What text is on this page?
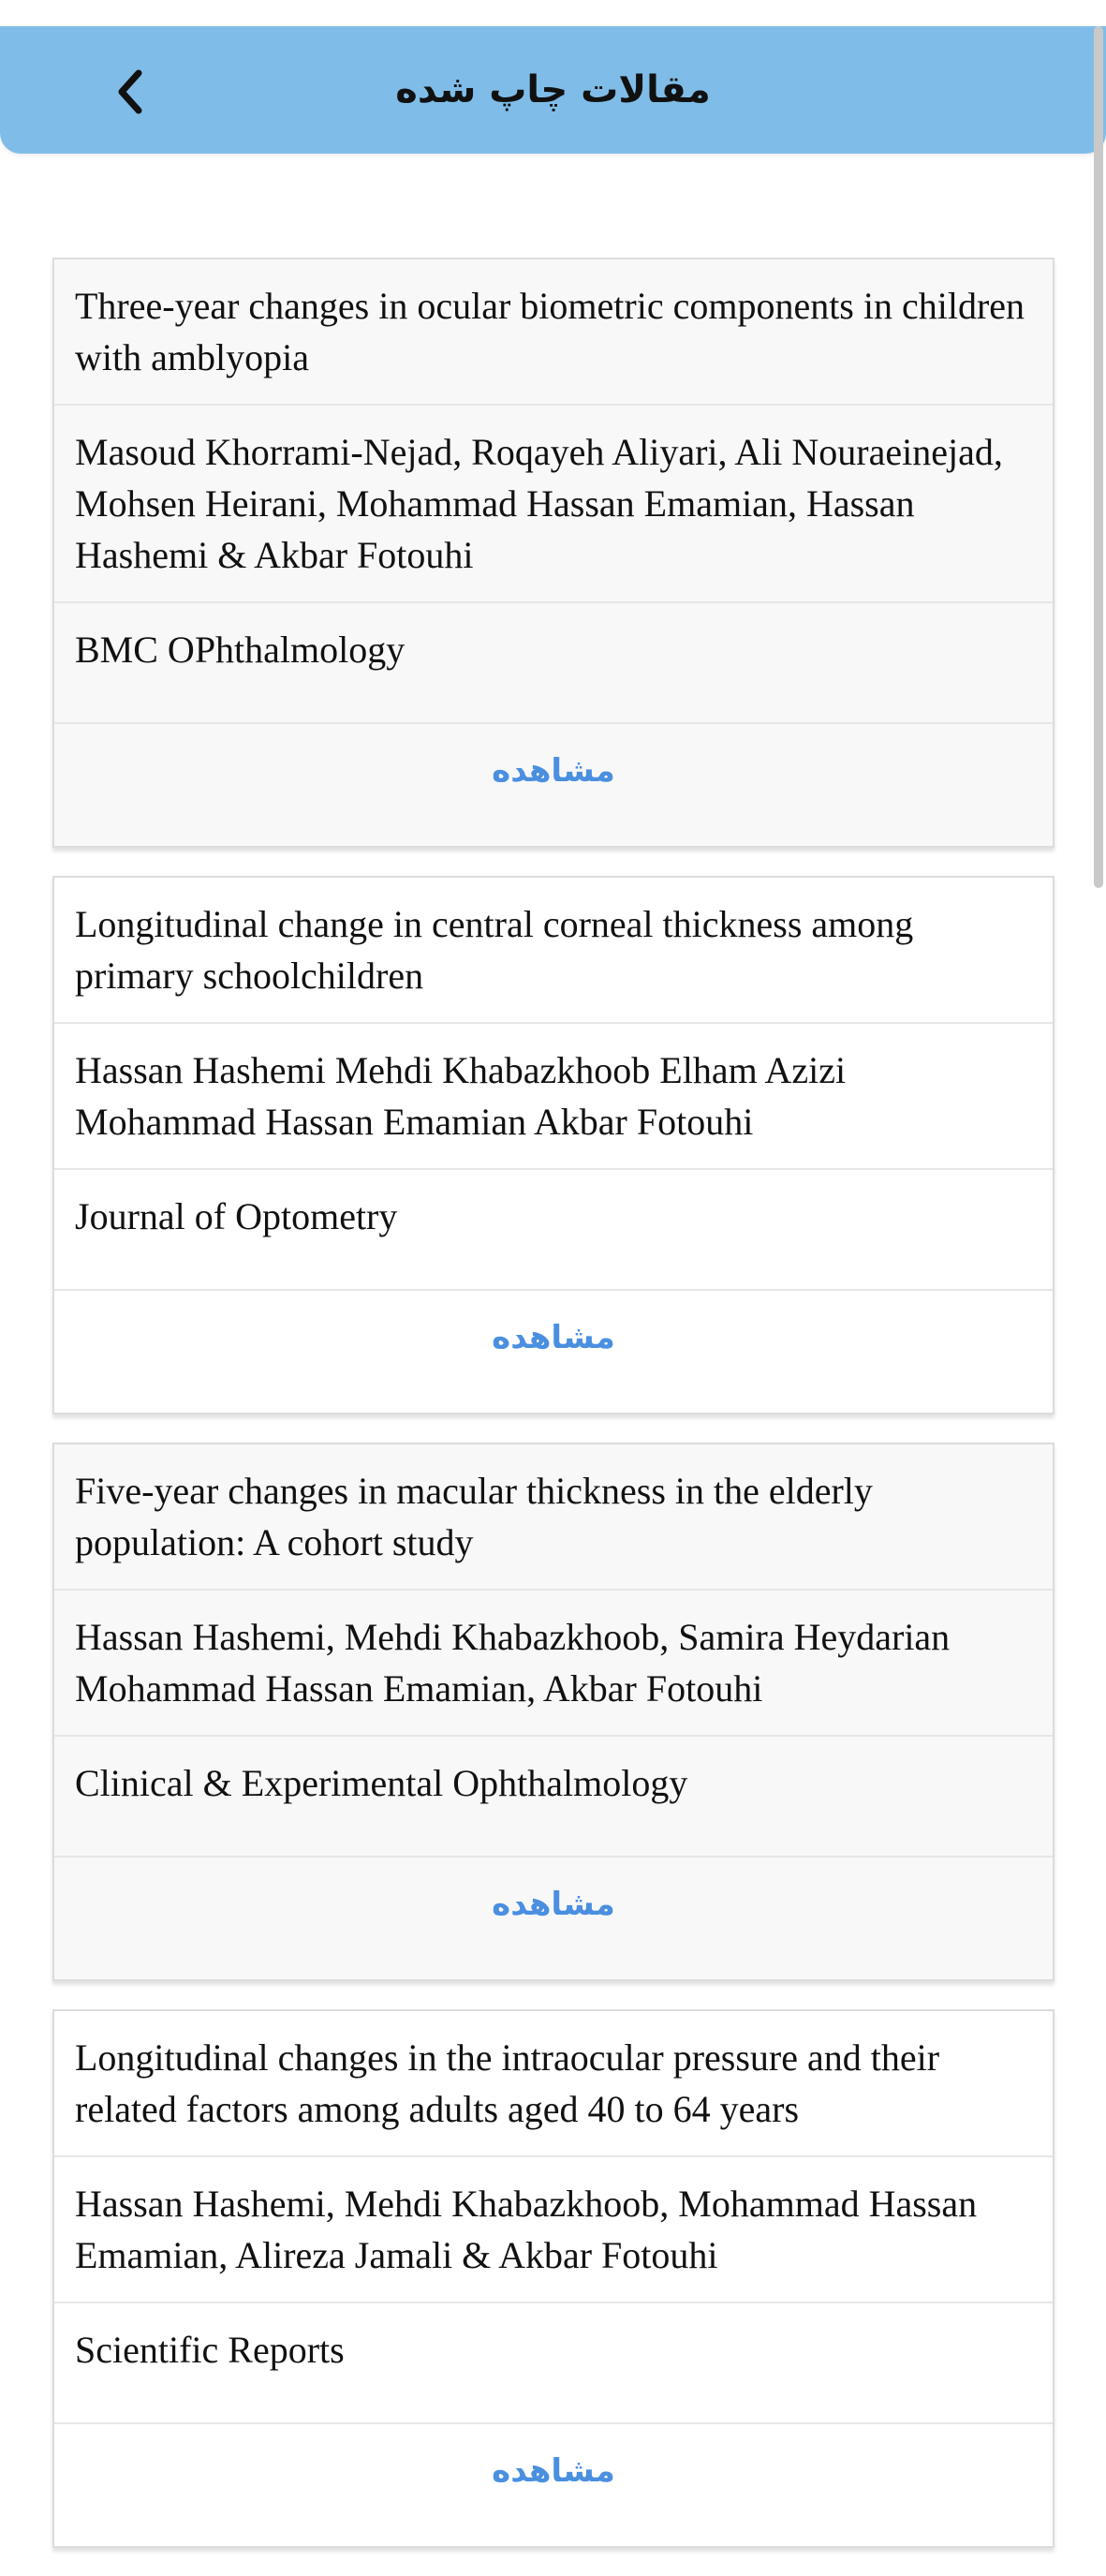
مقالات چاپ شده
Three-year changes in ocular biometric components in children with amblyopia
Masoud Khorrami-Nejad, Roqayeh Aliyari, Ali Nouraeinejad, Mohsen Heirani, Mohammad Hassan Emamian, Hassan Hashemi & Akbar Fotouhi
BMC OPhthalmology
مشاهده
Longitudinal change in central corneal thickness among primary schoolchildren
Hassan Hashemi Mehdi Khabazkhoob Elham Azizi Mohammad Hassan Emamian Akbar Fotouhi
Journal of Optometry
مشاهده
Five-year changes in macular thickness in the elderly population: A cohort study
Hassan Hashemi, Mehdi Khabazkhoob, Samira Heydarian Mohammad Hassan Emamian, Akbar Fotouhi
Clinical & Experimental Ophthalmology
مشاهده
Longitudinal changes in the intraocular pressure and their related factors among adults aged 40 to 64 years
Hassan Hashemi, Mehdi Khabazkhoob, Mohammad Hassan Emamian, Alireza Jamali & Akbar Fotouhi
Scientific Reports
مشاهده
